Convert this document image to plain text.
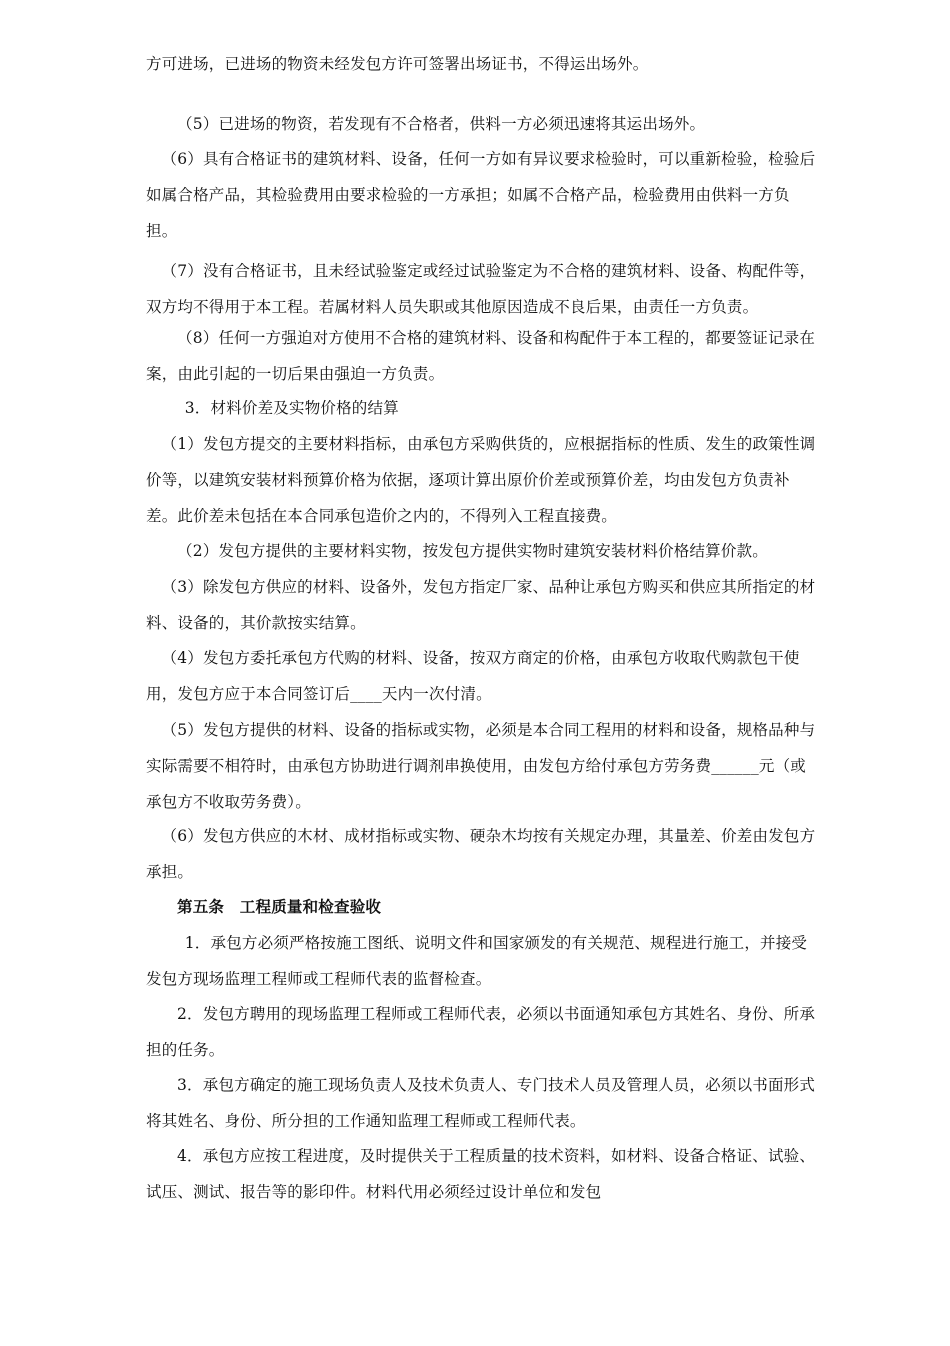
方可进场，已进场的物资未经发包方许可签署出场证书，不得运出场外。

（5）已进场的物资，若发现有不合格者，供料一方必须迅速将其运出场外。

（6）具有合格证书的建筑材料、设备，任何一方如有异议要求检验时，可以重新检验，检验后如属合格产品，其检验费用由要求检验的一方承担；如属不合格产品，检验费用由供料一方负担。

（7）没有合格证书，且未经试验鉴定或经过试验鉴定为不合格的建筑材料、设备、构配件等，双方均不得用于本工程。若属材料人员失职或其他原因造成不良后果，由责任一方负责。

（8）任何一方强迫对方使用不合格的建筑材料、设备和构配件于本工程的，都要签证记录在案，由此引起的一切后果由强迫一方负责。

3．材料价差及实物价格的结算

（1）发包方提交的主要材料指标，由承包方采购供货的，应根据指标的性质、发生的政策性调价等，以建筑安装材料预算价格为依据，逐项计算出原价价差或预算价差，均由发包方负责补差。此价差未包括在本合同承包造价之内的，不得列入工程直接费。

（2）发包方提供的主要材料实物，按发包方提供实物时建筑安装材料价格结算价款。

（3）除发包方供应的材料、设备外，发包方指定厂家、品种让承包方购买和供应其所指定的材料、设备的，其价款按实结算。

（4）发包方委托承包方代购的材料、设备，按双方商定的价格，由承包方收取代购款包干使用，发包方应于本合同签订后____天内一次付清。

（5）发包方提供的材料、设备的指标或实物，必须是本合同工程用的材料和设备，规格品种与实际需要不相符时，由承包方协助进行调剂串换使用，由发包方给付承包方劳务费______元（或承包方不收取劳务费）。

（6）发包方供应的木材、成材指标或实物、硬杂木均按有关规定办理，其量差、价差由发包方承担。

第五条　工程质量和检查验收

1．承包方必须严格按施工图纸、说明文件和国家颁发的有关规范、规程进行施工，并接受发包方现场监理工程师或工程师代表的监督检查。

2．发包方聘用的现场监理工程师或工程师代表，必须以书面通知承包方其姓名、身份、所承担的任务。

3．承包方确定的施工现场负责人及技术负责人、专门技术人员及管理人员，必须以书面形式将其姓名、身份、所分担的工作通知监理工程师或工程师代表。

4．承包方应按工程进度，及时提供关于工程质量的技术资料，如材料、设备合格证、试验、试压、测试、报告等的影印件。材料代用必须经过设计单位和发包
